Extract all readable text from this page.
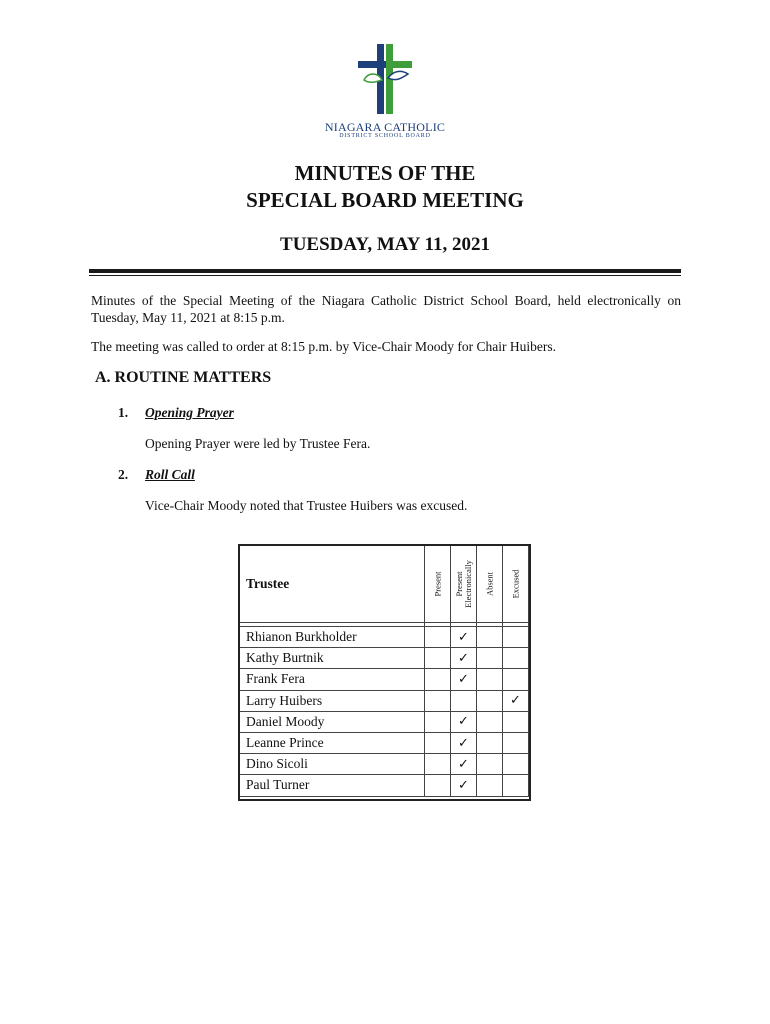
NIAGARA CATHOLIC
DISTRICT SCHOOL BOARD
MINUTES OF THE
SPECIAL BOARD MEETING
TUESDAY, MAY 11, 2021
Minutes of the Special Meeting of the Niagara Catholic District School Board, held electronically on Tuesday, May 11, 2021 at 8:15 p.m.
The meeting was called to order at 8:15 p.m. by Vice-Chair Moody for Chair Huibers.
A. ROUTINE MATTERS
1. Opening Prayer
Opening Prayer were led by Trustee Fera.
2. Roll Call
Vice-Chair Moody noted that Trustee Huibers was excused.
Trustee	Present	Present Electronically	Absent	Excused

Rhianon Burkholder		✓		
Kathy Burtnik		✓		
Frank Fera		✓		
Larry Huibers				✓
Daniel Moody		✓		
Leanne Prince		✓		
Dino Sicoli		✓		
Paul Turner		✓		
